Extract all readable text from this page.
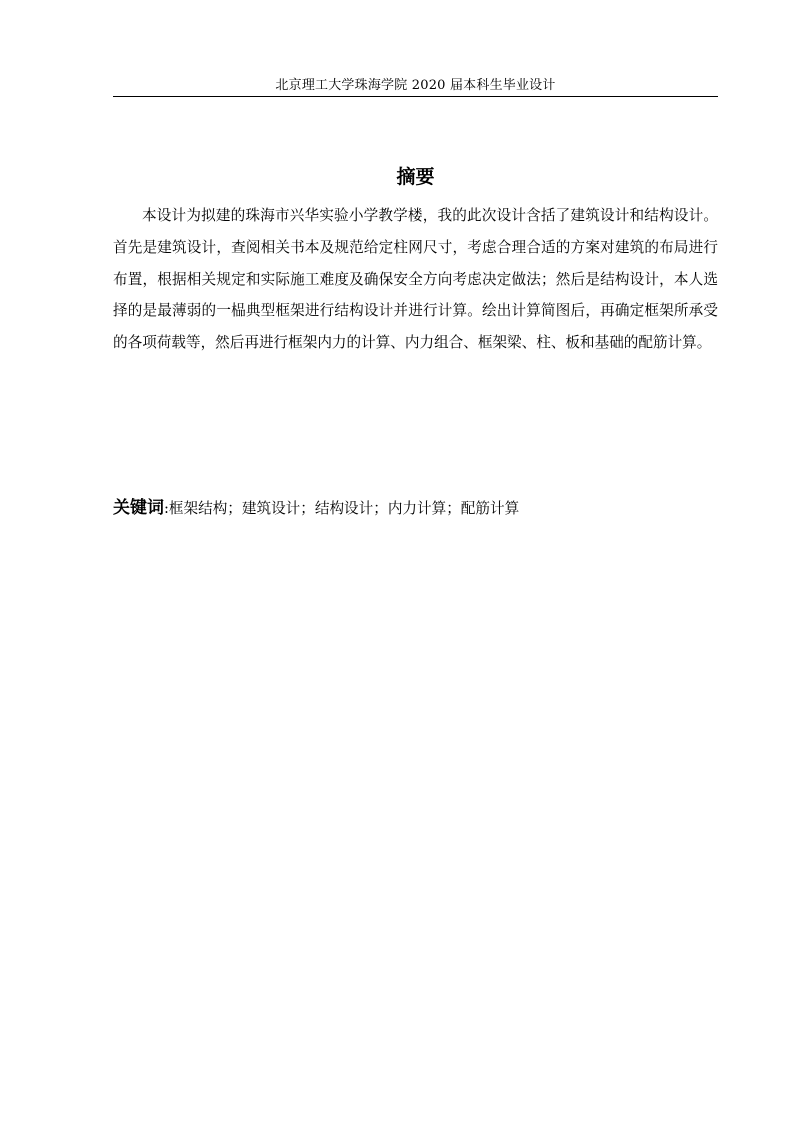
北京理工大学珠海学院 2020 届本科生毕业设计
摘要

本设计为拟建的珠海市兴华实验小学教学楼，我的此次设计含括了建筑设计和结构设计。首先是建筑设计，查阅相关书本及规范给定柱网尺寸，考虑合理合适的方案对建筑的布局进行布置，根据相关规定和实际施工难度及确保安全方向考虑决定做法；然后是结构设计，本人选择的是最薄弱的一榀典型框架进行结构设计并进行计算。绘出计算简图后，再确定框架所承受的各项荷载等，然后再进行框架内力的计算、内力组合、框架梁、柱、板和基础的配筋计算。

关键词:框架结构；建筑设计；结构设计；内力计算；配筋计算
